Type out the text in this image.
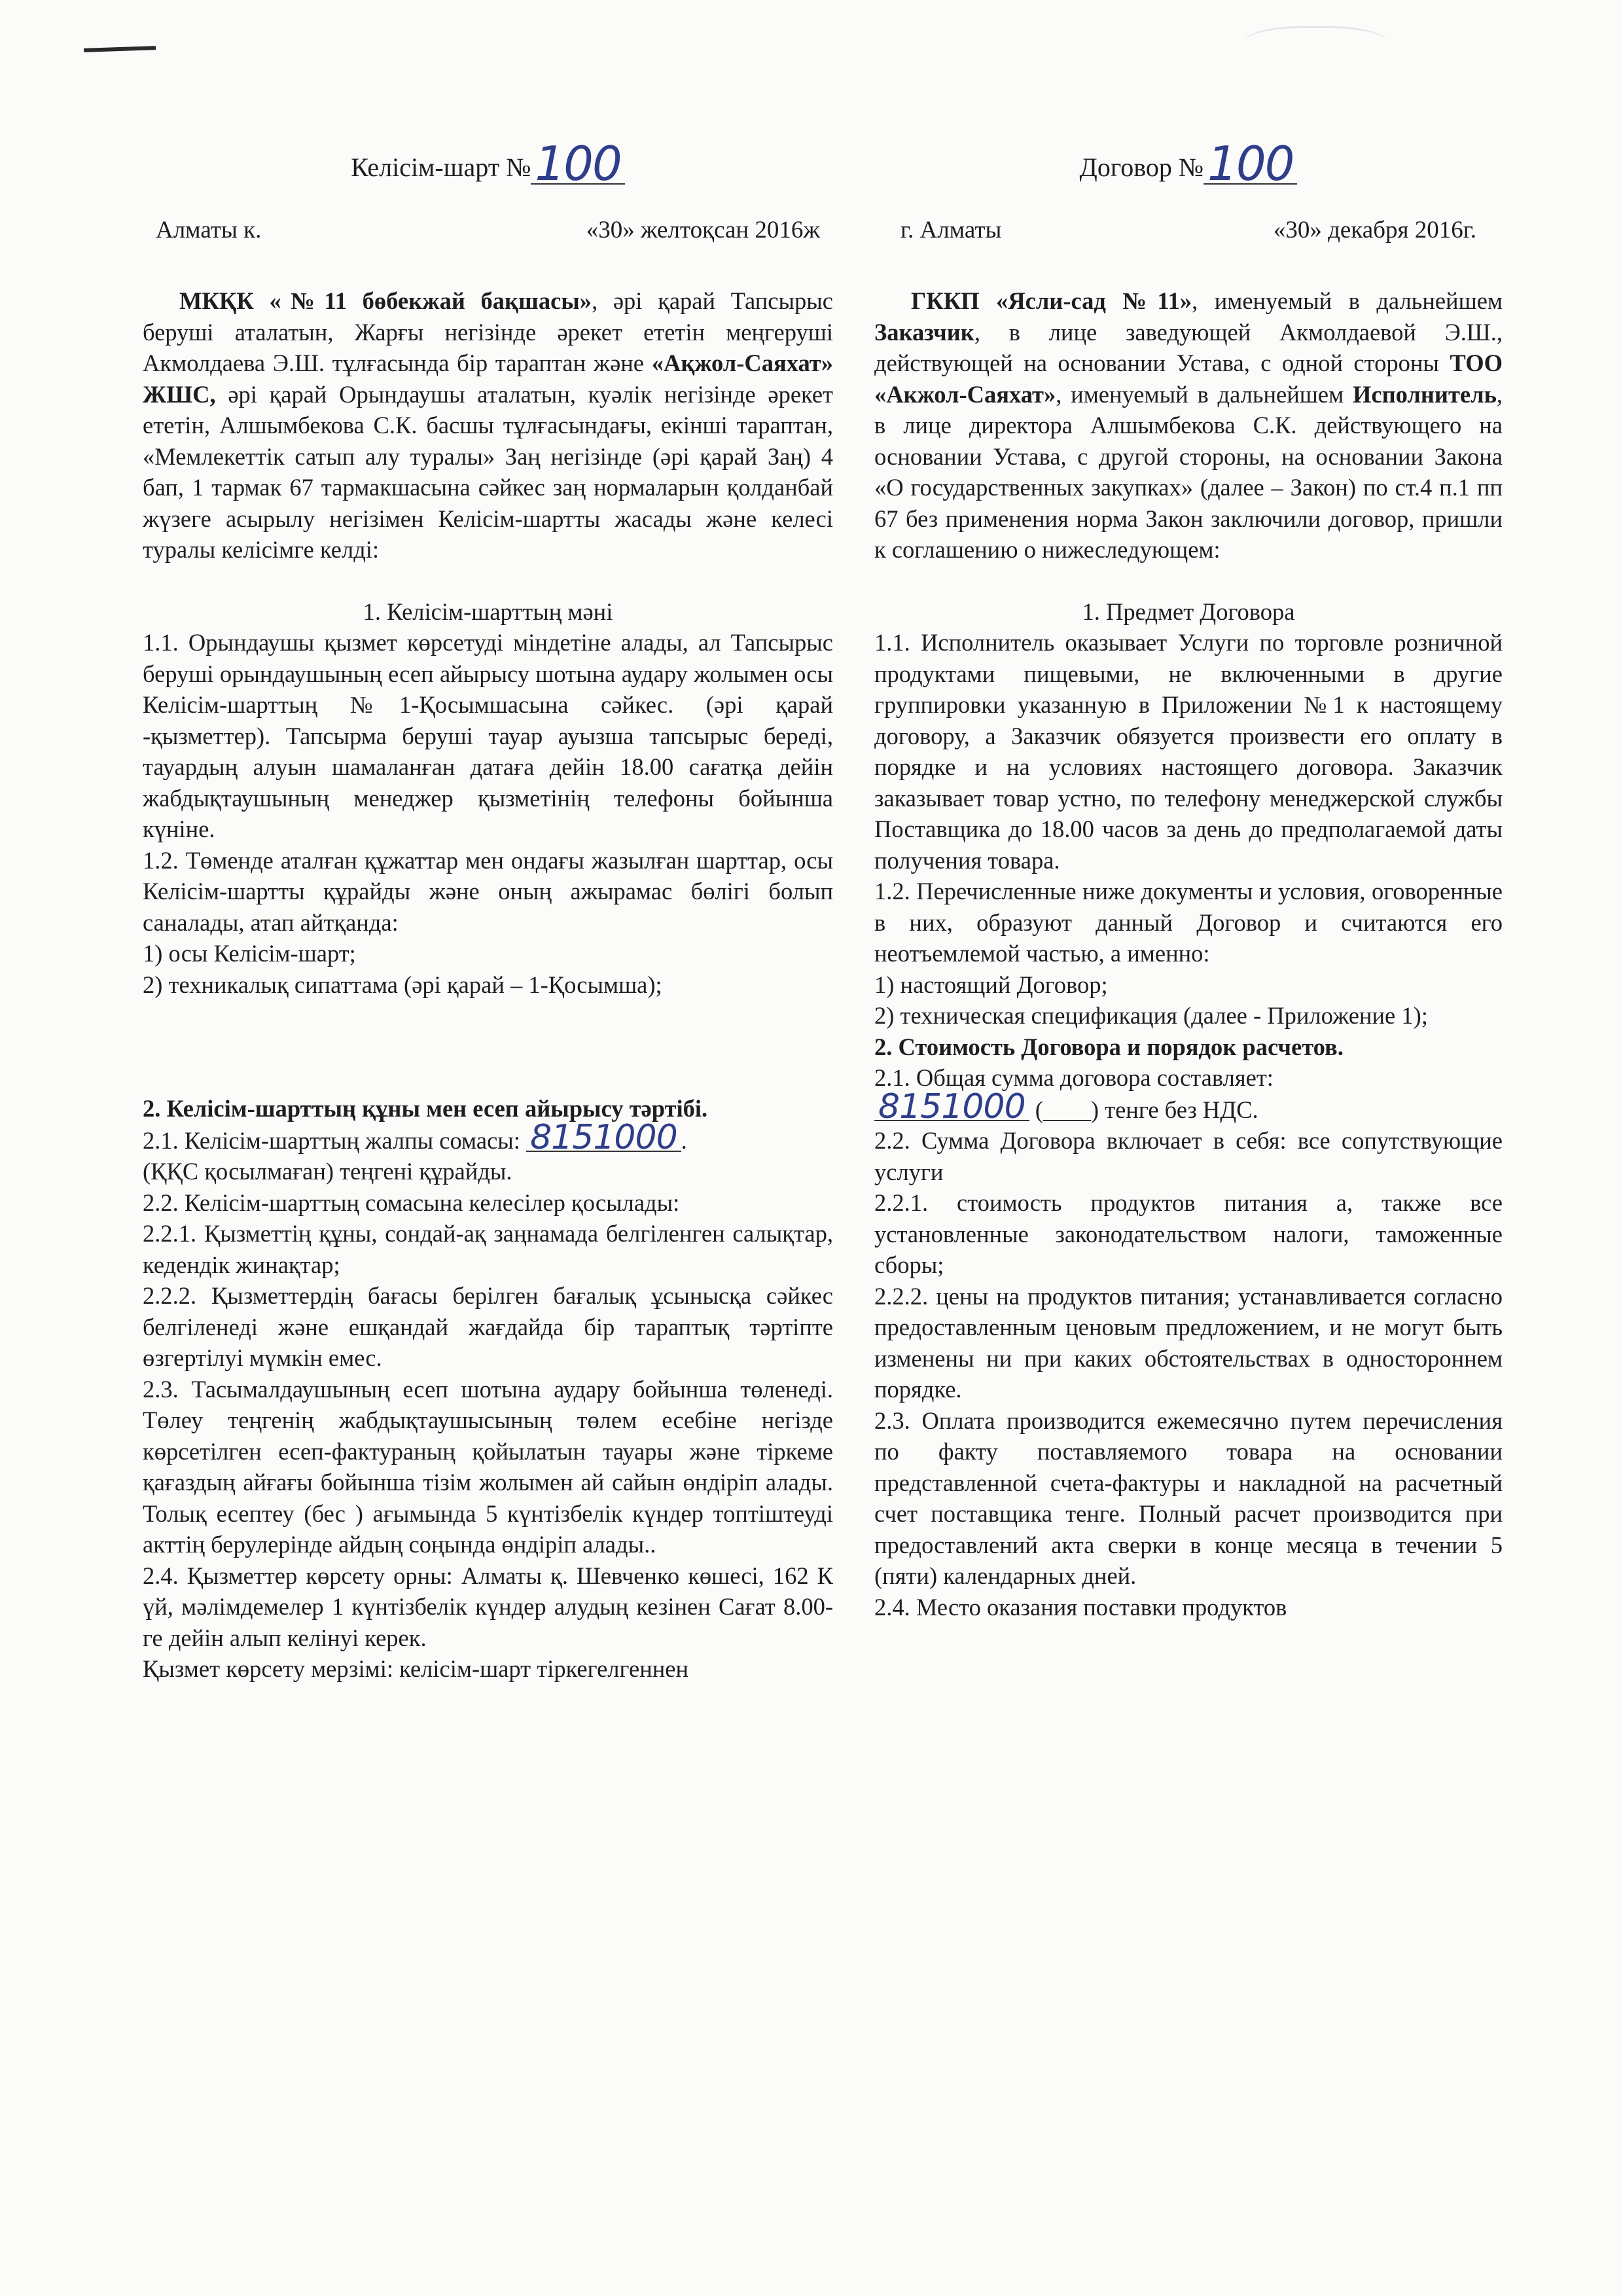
Келісім-шарт №100
Алматы к.	«30» желтоқсан 2016ж

МКҚК «№11 бөбекжай бақшасы», әрі қарай Тапсырыс беруші аталатын, Жарғы негізінде әрекет ететін меңгеруші Акмолдаева Э.Ш. тұлғасында бір тараптан және «Ақжол-Саяхат» ЖШС, әрі қарай Орындаушы аталатын, куәлік негізінде әрекет ететін, Алшымбекова С.К. басшы тұлғасындағы, екінші тараптан, «Мемлекеттік сатып алу туралы» Заң негізінде (әрі қарай Заң) 4 бап, 1 тармак 67 тармакшасына сәйкес заң нормаларын қолданбай жүзеге асырылу негізімен Келісім-шартты жасады және келесі туралы келісімге келді:

1. Келісім-шарттың мәні

1.1. Орындаушы қызмет көрсетуді міндетіне алады, ал Тапсырыс беруші орындаушының есеп айырысу шотына аудару жолымен осы Келісім-шарттың №1-Қосымшасына сәйкес. (әрі қарай -қызметтер). Тапсырма беруші тауар ауызша тапсырыс береді, тауардың алуын шамаланған датаға дейін 18.00 сағатқа дейін жабдықтаушының менеджер қызметінің телефоны бойынша күніне.

1.2. Төменде аталған құжаттар мен ондағы жазылған шарттар, осы Келісім-шартты құрайды және оның ажырамас бөлігі болып саналады, атап айтқанда:

1) осы Келісім-шарт;

2) техникалық сипаттама (әрі қарай – 1-Қосымша);

2. Келісім-шарттың құны мен есеп айырысу тәртібі.

2.1. Келісім-шарттың жалпы сомасы: 8151000 .
(ҚҚС қосылмаған) теңгені құрайды.

2.2. Келісім-шарттың сомасына келесілер қосылады:

2.2.1. Қызметтің құны, сондай-ақ заңнамада белгіленген салықтар, кедендік жинақтар;

2.2.2. Қызметтердің бағасы берілген бағалық ұсынысқа сәйкес белгіленеді және ешқандай жағдайда бір тараптық тәртіпте өзгертілуі мүмкін емес.

2.3. Тасымалдаушының есеп шотына аудару бойынша төленеді. Төлеу теңгенің жабдықтаушысының төлем есебіне негізде көрсетілген есеп-фактураның қойылатын тауары және тіркеме қағаздың айғағы бойынша тізім жолымен ай сайын өндіріп алады. Толық есептеу (бес ) ағымында 5 күнтізбелік күндер топтіштеуді акттің берулерінде айдың соңында өндіріп алады..

2.4. Қызметтер көрсету орны: Алматы қ. Шевченко көшесі, 162 К үй, мәлімдемелер 1 күнтізбелік күндер алудың кезінен Сағат 8.00-ге дейін алып келінуі керек.

Қызмет көрсету мерзімі: келісім-шарт тіркегелгеннен

Договор №100
г. Алматы	«30» декабря 2016г.

ГККП «Ясли-сад №11», именуемый в дальнейшем Заказчик, в лице заведующей Акмолдаевой Э.Ш., действующей на основании Устава, с одной стороны ТОО «Акжол-Саяхат», именуемый в дальнейшем Исполнитель, в лице директора Алшымбекова С.К. действующего на основании Устава, с другой стороны, на основании Закона «О государственных закупках» (далее – Закон) по ст.4 п.1 пп 67 без применения норма Закон заключили договор, пришли к соглашению о нижеследующем:

1. Предмет Договора

1.1. Исполнитель оказывает Услуги по торговле розничной продуктами пищевыми, не включенными в другие группировки указанную в Приложении №1 к настоящему договору, а Заказчик обязуется произвести его оплату в порядке и на условиях настоящего договора. Заказчик заказывает товар устно, по телефону менеджерской службы Поставщика до 18.00 часов за день до предполагаемой даты получения товара.

1.2. Перечисленные ниже документы и условия, оговоренные в них, образуют данный Договор и считаются его неотъемлемой частью, а именно:

1) настоящий Договор;

2) техническая спецификация (далее - Приложение 1);

2. Стоимость Договора и порядок расчетов.

2.1. Общая сумма договора составляет:

8151000 (____) тенге без НДС.

2.2. Сумма Договора включает в себя: все сопутствующие услуги

2.2.1. стоимость продуктов питания а, также все установленные законодательством налоги, таможенные сборы;

2.2.2. цены на продуктов питания; устанавливается согласно предоставленным ценовым предложением, и не могут быть изменены ни при каких обстоятельствах в одностороннем порядке.

2.3. Оплата производится ежемесячно путем перечисления по факту поставляемого товара на основании представленной счета-фактуры и накладной на расчетный счет поставщика тенге. Полный расчет производится при предоставлений акта сверки в конце месяца в течении 5 (пяти) календарных дней.

2.4. Место оказания поставки продуктов
